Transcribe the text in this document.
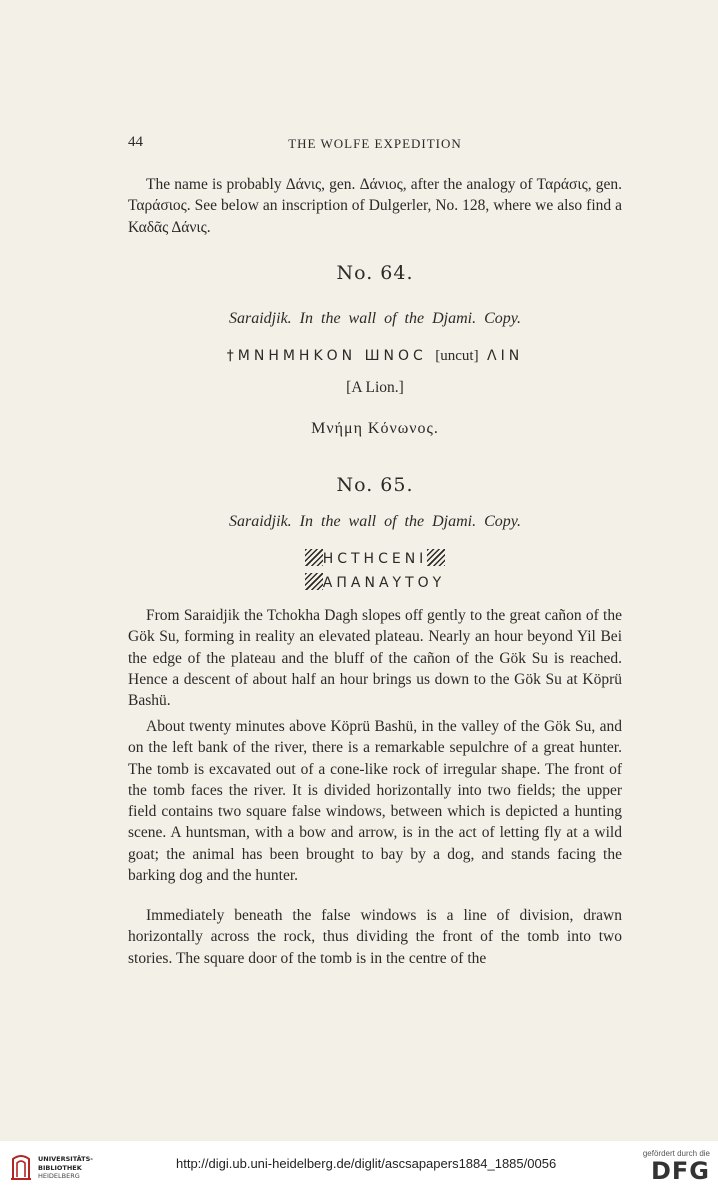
44	THE WOLFE EXPEDITION

The name is probably Δάνις, gen. Δάνιος, after the analogy of Ταράσις, gen. Ταράσιος. See below an inscription of Dulgerler, No. 128, where we also find a Καδᾶς Δάνις.

No. 64.

Saraidjik. In the wall of the Djami. Copy.

†ΜΝΗΜΗΚΟΝ ШΝΟC [uncut] ΛΙΝ

[A Lion.]

Μνήμη Κόνωνος.

No. 65.

Saraidjik. In the wall of the Djami. Copy.

ΗCΤΗCΕΝΙ

ΑΠΑΝΑΥΤΟΥ

From Saraidjik the Tchokha Dagh slopes off gently to the great cañon of the Gök Su, forming in reality an elevated plateau. Nearly an hour beyond Yil Bei the edge of the plateau and the bluff of the cañon of the Gök Su is reached. Hence a descent of about half an hour brings us down to the Gök Su at Köprü Bashü.

About twenty minutes above Köprü Bashü, in the valley of the Gök Su, and on the left bank of the river, there is a remarkable sepulchre of a great hunter. The tomb is excavated out of a cone-like rock of irregular shape. The front of the tomb faces the river. It is divided horizontally into two fields; the upper field contains two square false windows, between which is depicted a hunting scene. A huntsman, with a bow and arrow, is in the act of letting fly at a wild goat; the animal has been brought to bay by a dog, and stands facing the barking dog and the hunter.

Immediately beneath the false windows is a line of division, drawn horizontally across the rock, thus dividing the front of the tomb into two stories. The square door of the tomb is in the centre of the

UNIVERSITÄTS-
BIBLIOTHEK
HEIDELBERG
http://digi.ub.uni-heidelberg.de/diglit/ascsapapers1884_1885/0056
gefördert durch die
DFG
